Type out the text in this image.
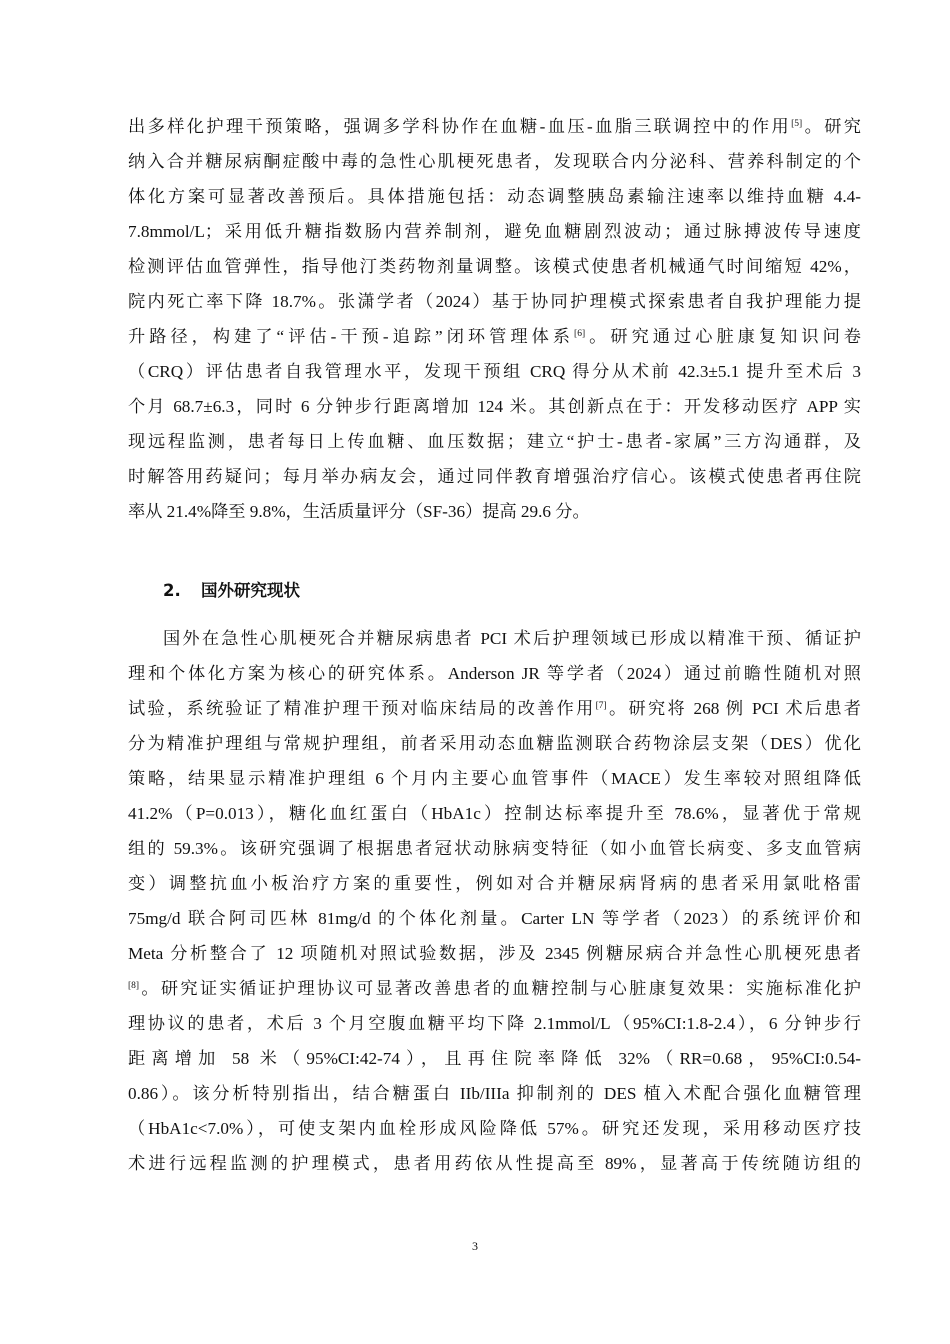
出多样化护理干预策略，强调多学科协作在血糖-血压-血脂三联调控中的作用[5]。研究
纳入合并糖尿病酮症酸中毒的急性心肌梗死患者，发现联合内分泌科、营养科制定的个
体化方案可显著改善预后。具体措施包括：动态调整胰岛素输注速率以维持血糖 4.4-
7.8mmol/L；采用低升糖指数肠内营养制剂，避免血糖剧烈波动；通过脉搏波传导速度
检测评估血管弹性，指导他汀类药物剂量调整。该模式使患者机械通气时间缩短 42%，
院内死亡率下降 18.7%。张潇学者（2024）基于协同护理模式探索患者自我护理能力提
升路径，构建了“评估-干预-追踪”闭环管理体系[6]。研究通过心脏康复知识问卷
（CRQ）评估患者自我管理水平，发现干预组 CRQ 得分从术前 42.3±5.1 提升至术后 3
个月 68.7±6.3，同时 6 分钟步行距离增加 124 米。其创新点在于：开发移动医疗 APP 实
现远程监测，患者每日上传血糖、血压数据；建立“护士-患者-家属”三方沟通群，及
时解答用药疑问；每月举办病友会，通过同伴教育增强治疗信心。该模式使患者再住院
率从 21.4%降至 9.8%，生活质量评分（SF-36）提高 29.6 分。
2. 国外研究现状
国外在急性心肌梗死合并糖尿病患者 PCI 术后护理领域已形成以精准干预、循证护
理和个体化方案为核心的研究体系。Anderson JR 等学者（2024）通过前瞻性随机对照
试验，系统验证了精准护理干预对临床结局的改善作用[7]。研究将 268 例 PCI 术后患者
分为精准护理组与常规护理组，前者采用动态血糖监测联合药物涂层支架（DES）优化
策略，结果显示精准护理组 6 个月内主要心血管事件（MACE）发生率较对照组降低
41.2%（P=0.013），糖化血红蛋白（HbA1c）控制达标率提升至 78.6%，显著优于常规
组的 59.3%。该研究强调了根据患者冠状动脉病变特征（如小血管长病变、多支血管病
变）调整抗血小板治疗方案的重要性，例如对合并糖尿病肾病的患者采用氯吡格雷
75mg/d 联合阿司匹林 81mg/d 的个体化剂量。Carter LN 等学者（2023）的系统评价和
Meta 分析整合了 12 项随机对照试验数据，涉及 2345 例糖尿病合并急性心肌梗死患者
[8]。研究证实循证护理协议可显著改善患者的血糖控制与心脏康复效果：实施标准化护
理协议的患者，术后 3 个月空腹血糖平均下降 2.1mmol/L（95%CI:1.8-2.4），6 分钟步行
距离增加 58 米（95%CI:42-74），且再住院率降低 32%（RR=0.68，95%CI:0.54-
0.86）。该分析特别指出，结合糖蛋白 IIb/IIIa 抑制剂的 DES 植入术配合强化血糖管理
（HbA1c<7.0%），可使支架内血栓形成风险降低 57%。研究还发现，采用移动医疗技
术进行远程监测的护理模式，患者用药依从性提高至 89%，显著高于传统随访组的
3
